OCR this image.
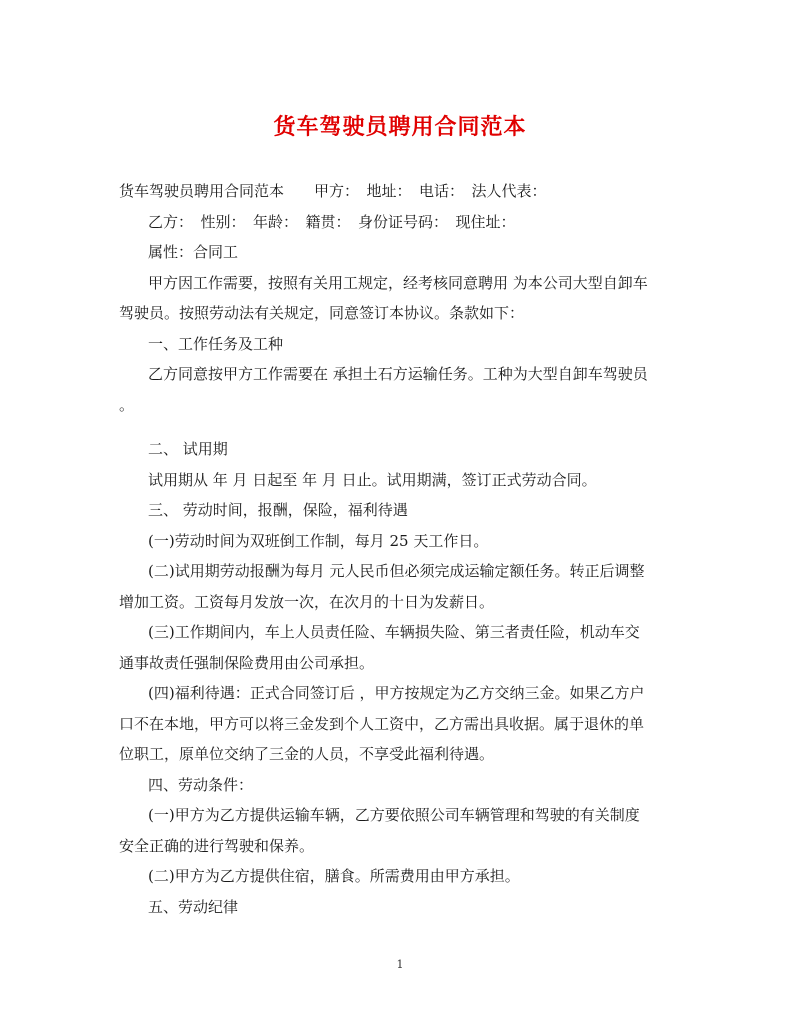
货车驾驶员聘用合同范本

货车驾驶员聘用合同范本　　甲方：　地址：　电话：　法人代表：

乙方：　性别：　年龄：　籍贯：　身份证号码：　现住址：

属性：合同工

甲方因工作需要，按照有关用工规定，经考核同意聘用 为本公司大型自卸车

驾驶员。按照劳动法有关规定，同意签订本协议。条款如下：

一、工作任务及工种

乙方同意按甲方工作需要在 承担土石方运输任务。工种为大型自卸车驾驶员

。

二、 试用期

试用期从 年 月 日起至 年 月 日止。试用期满，签订正式劳动合同。

三、 劳动时间，报酬，保险，福利待遇

(一)劳动时间为双班倒工作制，每月 25 天工作日。

(二)试用期劳动报酬为每月 元人民币但必须完成运输定额任务。转正后调整

增加工资。工资每月发放一次，在次月的十日为发薪日。

(三)工作期间内，车上人员责任险、车辆损失险、第三者责任险，机动车交

通事故责任强制保险费用由公司承担。

(四)福利待遇：正式合同签订后 ，甲方按规定为乙方交纳三金。如果乙方户

口不在本地，甲方可以将三金发到个人工资中，乙方需出具收据。属于退休的单

位职工，原单位交纳了三金的人员，不享受此福利待遇。

四、劳动条件：

(一)甲方为乙方提供运输车辆，乙方要依照公司车辆管理和驾驶的有关制度

安全正确的进行驾驶和保养。

(二)甲方为乙方提供住宿，膳食。所需费用由甲方承担。

五、劳动纪律

1
